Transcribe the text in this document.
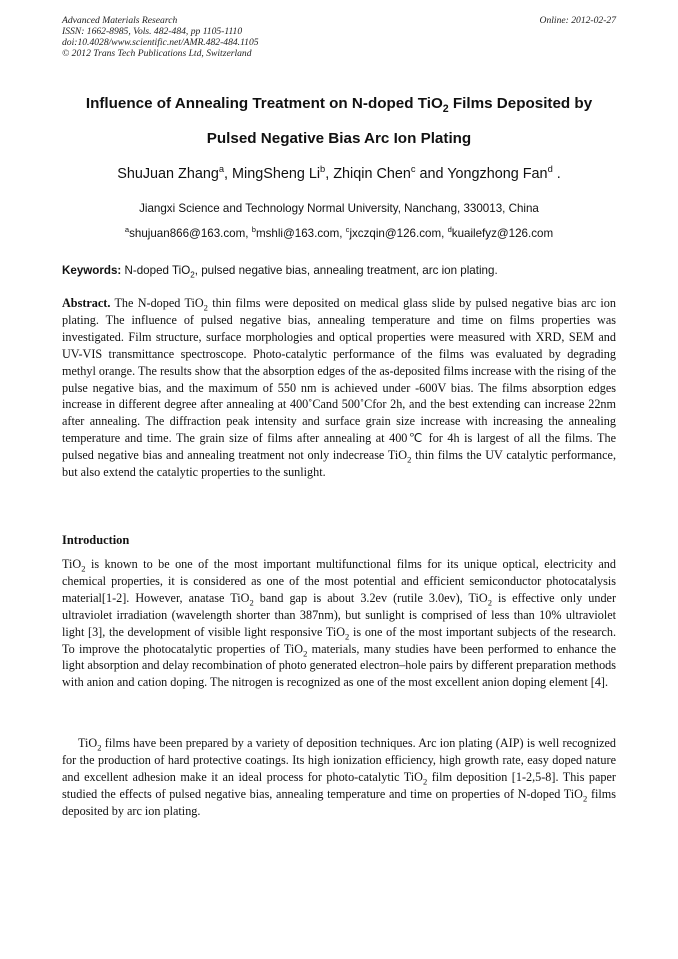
Advanced Materials Research
ISSN: 1662-8985, Vols. 482-484, pp 1105-1110
doi:10.4028/www.scientific.net/AMR.482-484.1105
© 2012 Trans Tech Publications Ltd, Switzerland
Online: 2012-02-27
Influence of Annealing Treatment on N-doped TiO$_2$ Films Deposited by
Pulsed Negative Bias Arc Ion Plating
ShuJuan Zhang$^a$, MingSheng Li$^b$, Zhiqin Chen$^c$ and Yongzhong Fan$^d$ .
Jiangxi Science and Technology Normal University, Nanchang, 330013, China
$^a$shujuan866@163.com, $^b$mshli@163.com, $^c$jxczqin@126.com, $^d$kuailefyz@126.com
Keywords: N-doped TiO$_2$, pulsed negative bias, annealing treatment, arc ion plating.
Abstract. The N-doped TiO$_2$ thin films were deposited on medical glass slide by pulsed negative bias arc ion plating. The influence of pulsed negative bias, annealing temperature and time on films properties was investigated. Film structure, surface morphologies and optical properties were measured with XRD, SEM and UV-VIS transmittance spectroscope. Photo-catalytic performance of the films was evaluated by degrading methyl orange. The results show that the absorption edges of the as-deposited films increase with the rising of the pulse negative bias, and the maximum of 550 nm is achieved under -600V bias. The films absorption edges increase in different degree after annealing at 400˚Cand 500˚Cfor 2h, and the best extending can increase 22nm after annealing. The diffraction peak intensity and surface grain size increase with increasing the annealing temperature and time. The grain size of films after annealing at 400℃ for 4h is largest of all the films. The pulsed negative bias and annealing treatment not only indecrease TiO$_2$ thin films the UV catalytic performance, but also extend the catalytic properties to the sunlight.
Introduction
TiO$_2$ is known to be one of the most important multifunctional films for its unique optical, electricity and chemical properties, it is considered as one of the most potential and efficient semiconductor photocatalysis material[1-2]. However, anatase TiO$_2$ band gap is about 3.2ev (rutile 3.0ev), TiO$_2$ is effective only under ultraviolet irradiation (wavelength shorter than 387nm), but sunlight is comprised of less than 10% ultraviolet light [3], the development of visible light responsive TiO$_2$ is one of the most important subjects of the research. To improve the photocatalytic properties of TiO$_2$ materials, many studies have been performed to enhance the light absorption and delay recombination of photo generated electron–hole pairs by different preparation methods with anion and cation doping. The nitrogen is recognized as one of the most excellent anion doping element [4].
TiO$_2$ films have been prepared by a variety of deposition techniques. Arc ion plating (AIP) is well recognized for the production of hard protective coatings. Its high ionization efficiency, high growth rate, easy doped nature and excellent adhesion make it an ideal process for photo-catalytic TiO$_2$ film deposition [1-2,5-8]. This paper studied the effects of pulsed negative bias, annealing temperature and time on properties of N-doped TiO$_2$ films deposited by arc ion plating.
